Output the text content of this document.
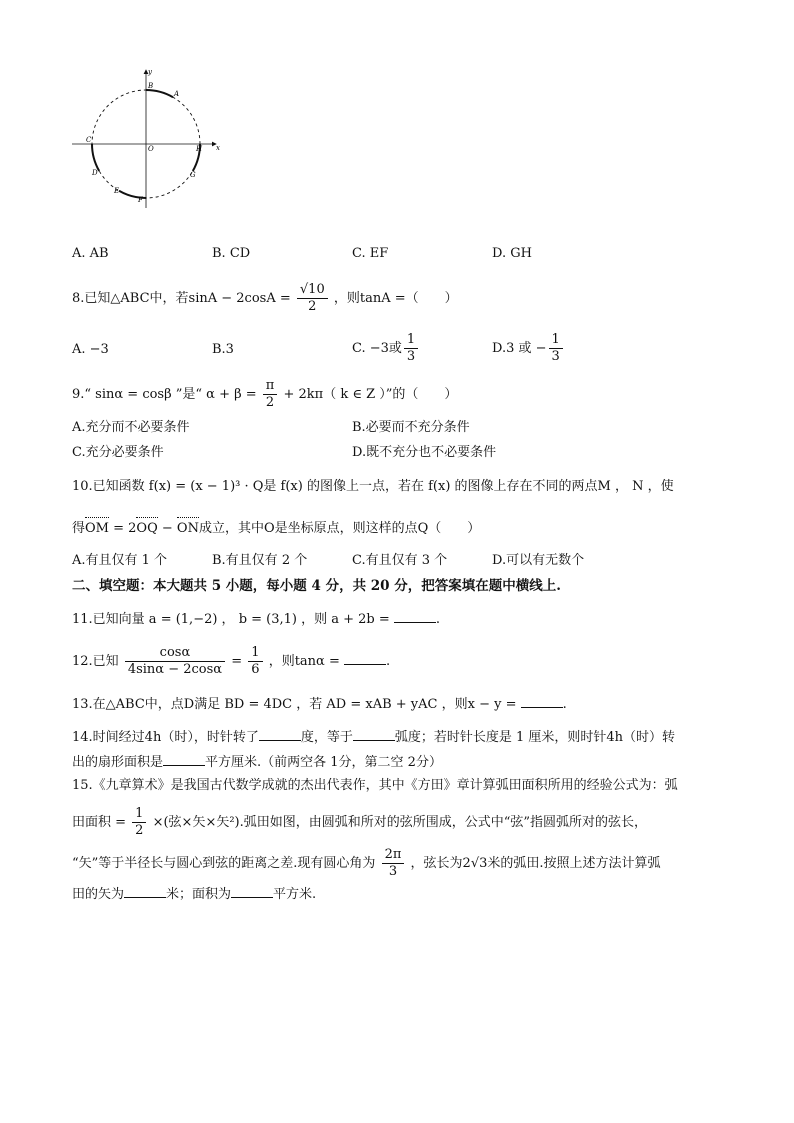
y
x
B
A
C
O	H
D	G
E
F
A. AB	B. CD	C. EF	D. GH
8.已知△ABC中，若$\sin A - 2\cos A = \frac{√10}{2}$ ，则tanA =（　　）
A. −3	B.3	C. −3或 $\frac{1}{3}$	D.3 或 − $\frac{1}{3}$
9.“ sinα = cosβ ”是“ $\alpha + \beta = \frac{\pi}{2} + 2k\pi$（ k ∈ Z ）”的（　　）
A.充分而不必要条件	B.必要而不充分条件
C.充分必要条件	D.既不充分也不必要条件
10.已知函数 f(x) = (x − 1)³ · Q是 f(x) 的图像上一点，若在 f(x) 的图像上存在不同的两点M ， N ，使
得OM = 2OQ − ON成立，其中O是坐标原点，则这样的点Q（　　）
A.有且仅有 1 个	B.有且仅有 2 个	C.有且仅有 3 个	D.可以有无数个
二、填空题：本大题共 5 小题，每小题 4 分，共 20 分，把答案填在题中横线上.
11.已知向量 a = (1,−2) ， b = (3,1) ，则 a + 2b =	.
12.已知 $\frac{\cos\alpha}{4\sin\alpha - 2\cos\alpha} = \frac{1}{6}$ ，则tanα =	.
13.在△ABC中，点D满足 BD = 4DC ，若 AD = xAB + yAC ，则x − y =	.
14.时间经过4h（时），时针转了	度，等于	弧度；若时针长度是 1 厘米，则时针4h（时）转
出的扇形面积是	平方厘米.（前两空各 1分，第二空 2分）
15.《九章算术》是我国古代数学成就的杰出代表作，其中《方田》章计算弧田面积所用的经验公式为：弧
田面积 = $\frac{1}{2}$ ×(弦×矢×矢²).弧田如图，由圆弧和所对的弦所围成，公式中“弦”指圆弧所对的弦长，
“矢”等于半径长与圆心到弦的距离之差.现有圆心角为 $\frac{2\pi}{3}$ ，弦长为2√3米的弧田.按照上述方法计算弧
田的矢为	米；面积为	平方米.
